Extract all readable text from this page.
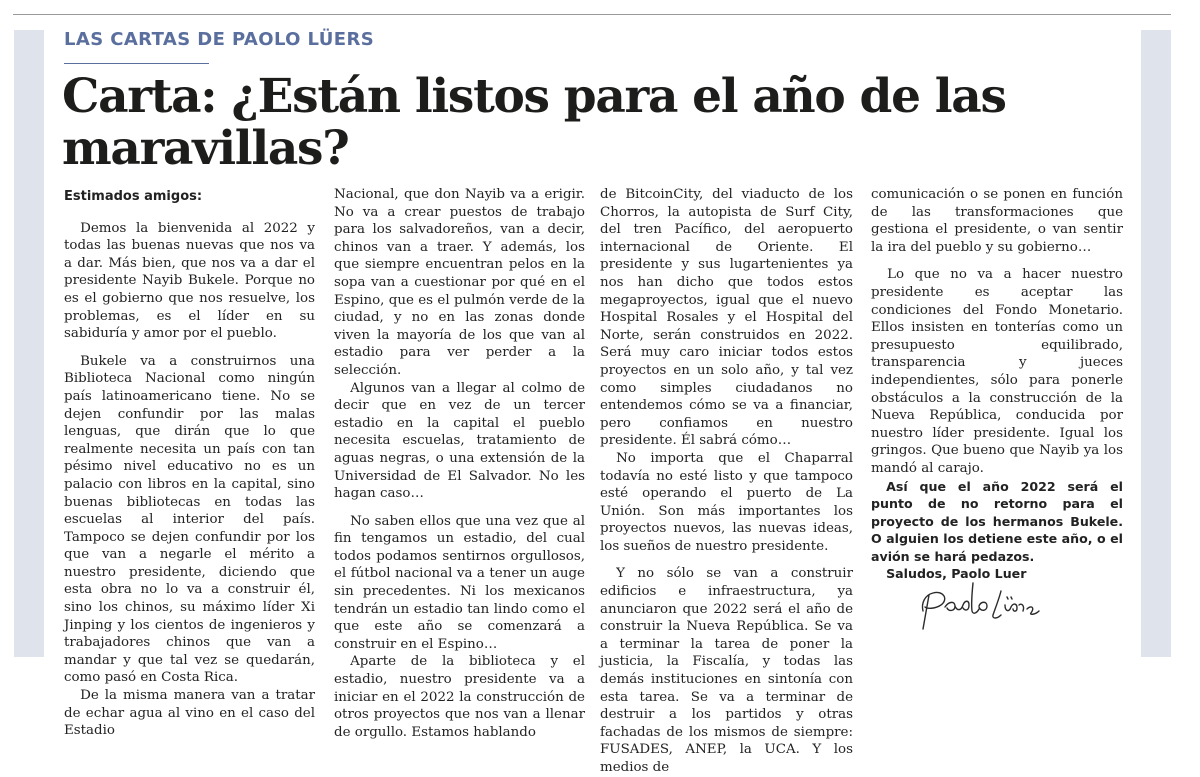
LAS CARTAS DE PAOLO LÜERS
Carta: ¿Están listos para el año de las maravillas?
Estimados amigos:

Demos la bienvenida al 2022 y todas las buenas nuevas que nos va a dar. Más bien, que nos va a dar el presidente Nayib Bukele. Porque no es el gobierno que nos resuelve, los problemas, es el líder en su sabiduría y amor por el pueblo.

Bukele va a construirnos una Biblioteca Nacional como ningún país latinoamericano tiene. No se dejen confundir por las malas lenguas, que dirán que lo que realmente necesita un país con tan pésimo nivel educativo no es un palacio con libros en la capital, sino buenas bibliotecas en todas las escuelas al interior del país. Tampoco se dejen confundir por los que van a negarle el mérito a nuestro presidente, diciendo que esta obra no lo va a construir él, sino los chinos, su máximo líder Xi Jinping y los cientos de ingenieros y trabajadores chinos que van a mandar y que tal vez se quedarán, como pasó en Costa Rica.

De la misma manera van a tratar de echar agua al vino en el caso del Estadio

Nacional, que don Nayib va a erigir. No va a crear puestos de trabajo para los salvadoreños, van a decir, chinos van a traer. Y además, los que siempre encuentran pelos en la sopa van a cuestionar por qué en el Espino, que es el pulmón verde de la ciudad, y no en las zonas donde viven la mayoría de los que van al estadio para ver perder a la selección.

Algunos van a llegar al colmo de decir que en vez de un tercer estadio en la capital el pueblo necesita escuelas, tratamiento de aguas negras, o una extensión de la Universidad de El Salvador. No les hagan caso…

No saben ellos que una vez que al fin tengamos un estadio, del cual todos podamos sentirnos orgullosos, el fútbol nacional va a tener un auge sin precedentes. Ni los mexicanos tendrán un estadio tan lindo como el que este año se comenzará a construir en el Espino…

Aparte de la biblioteca y el estadio, nuestro presidente va a iniciar en el 2022 la construcción de otros proyectos que nos van a llenar de orgullo. Estamos hablando

de BitcoinCity, del viaducto de los Chorros, la autopista de Surf City, del tren Pacífico, del aeropuerto internacional de Oriente. El presidente y sus lugartenientes ya nos han dicho que todos estos megaproyectos, igual que el nuevo Hospital Rosales y el Hospital del Norte, serán construidos en 2022. Será muy caro iniciar todos estos proyectos en un solo año, y tal vez como simples ciudadanos no entendemos cómo se va a financiar, pero confiamos en nuestro presidente. Él sabrá cómo…

No importa que el Chaparral todavía no esté listo y que tampoco esté operando el puerto de La Unión. Son más importantes los proyectos nuevos, las nuevas ideas, los sueños de nuestro presidente.

Y no sólo se van a construir edificios e infraestructura, ya anunciaron que 2022 será el año de construir la Nueva República. Se va a terminar la tarea de poner la justicia, la Fiscalía, y todas las demás instituciones en sintonía con esta tarea. Se va a terminar de destruir a los partidos y otras fachadas de los mismos de siempre: FUSADES, ANEP, la UCA. Y los medios de

comunicación o se ponen en función de las transformaciones que gestiona el presidente, o van sentir la ira del pueblo y su gobierno…

Lo que no va a hacer nuestro presidente es aceptar las condiciones del Fondo Monetario. Ellos insisten en tonterías como un presupuesto equilibrado, transparencia y jueces independientes, sólo para ponerle obstáculos a la construcción de la Nueva República, conducida por nuestro líder presidente. Igual los gringos. Que bueno que Nayib ya los mandó al carajo.

Así que el año 2022 será el punto de no retorno para el proyecto de los hermanos Bukele. O alguien los detiene este año, o el avión se hará pedazos.

Saludos, Paolo Luer
